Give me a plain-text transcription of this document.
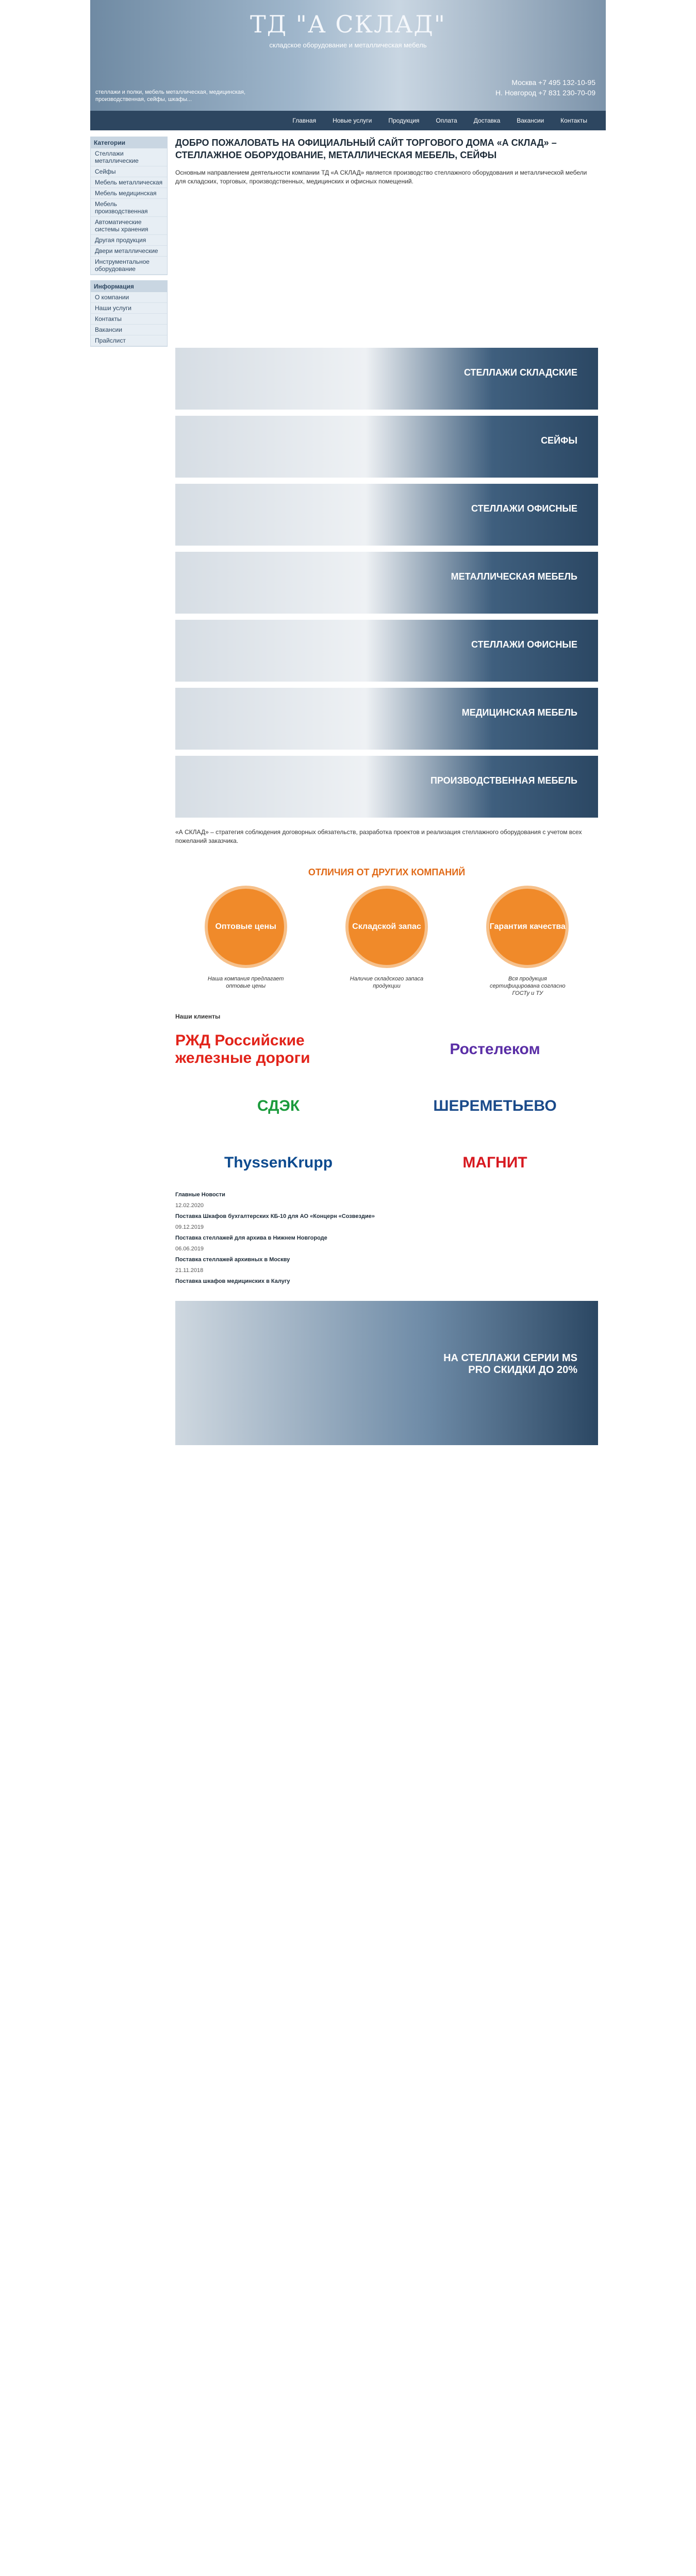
ТД "А СКЛАД"
складское оборудование и металлическая мебель
стеллажи и полки, мебель металлическая, медицинская, производственная, сейфы, шкафы...
Москва +7 495 132-10-95
Н. Новгород +7 831 230-70-09
Главная	Новые услуги	Продукция	Оплата	Доставка	Вакансии	Контакты
Категории
Стеллажи металлические
Сейфы
Мебель металлическая
Мебель медицинская
Мебель производственная
Автоматические системы хранения
Другая продукция
Двери металлические
Инструментальное оборудование
Информация
О компании
Наши услуги
Контакты
Вакансии
Прайслист
ДОБРО ПОЖАЛОВАТЬ НА ОФИЦИАЛЬНЫЙ САЙТ ТОРГОВОГО ДОМА «А СКЛАД» – СТЕЛЛАЖНОЕ ОБОРУДОВАНИЕ, МЕТАЛЛИЧЕСКАЯ МЕБЕЛЬ, СЕЙФЫ
Основным направлением деятельности компании ТД «А СКЛАД» является производство стеллажного оборудования и металлической мебели для складских, торговых, производственных, медицинских и офисных помещений.
СТЕЛЛАЖИ СКЛАДСКИЕ
СЕЙФЫ
СТЕЛЛАЖИ ОФИСНЫЕ
МЕТАЛЛИЧЕСКАЯ МЕБЕЛЬ
СТЕЛЛАЖИ ОФИСНЫЕ
МЕДИЦИНСКАЯ МЕБЕЛЬ
ПРОИЗВОДСТВЕННАЯ МЕБЕЛЬ
«А СКЛАД» – стратегия соблюдения договорных обязательств, разработка проектов и реализация стеллажного оборудования с учетом всех пожеланий заказчика.
ОТЛИЧИЯ ОТ ДРУГИХ КОМПАНИЙ
Оптовые цены
Наша компания предлагает оптовые цены
Складской запас
Наличие складского запаса продукции
Гарантия качества
Вся продукция сертифицирована согласно ГОСТу и ТУ
Наши клиенты
РЖД Российские железные дороги
Ростелеком
СДЭК	ШЕРЕМЕТЬЕВО
ThyssenKrupp	МАГНИТ

Главные Новости

12.02.2020

Поставка Шкафов бухгалтерских КБ-10 для АО «Концерн «Созвездие»

09.12.2019

Поставка стеллажей для архива в Нижнем Новгороде

06.06.2019

Поставка стеллажей архивных в Москву

21.11.2018

Поставка шкафов медицинских в Калугу

НА СТЕЛЛАЖИ СЕРИИ MS PRO СКИДКИ ДО 20%
